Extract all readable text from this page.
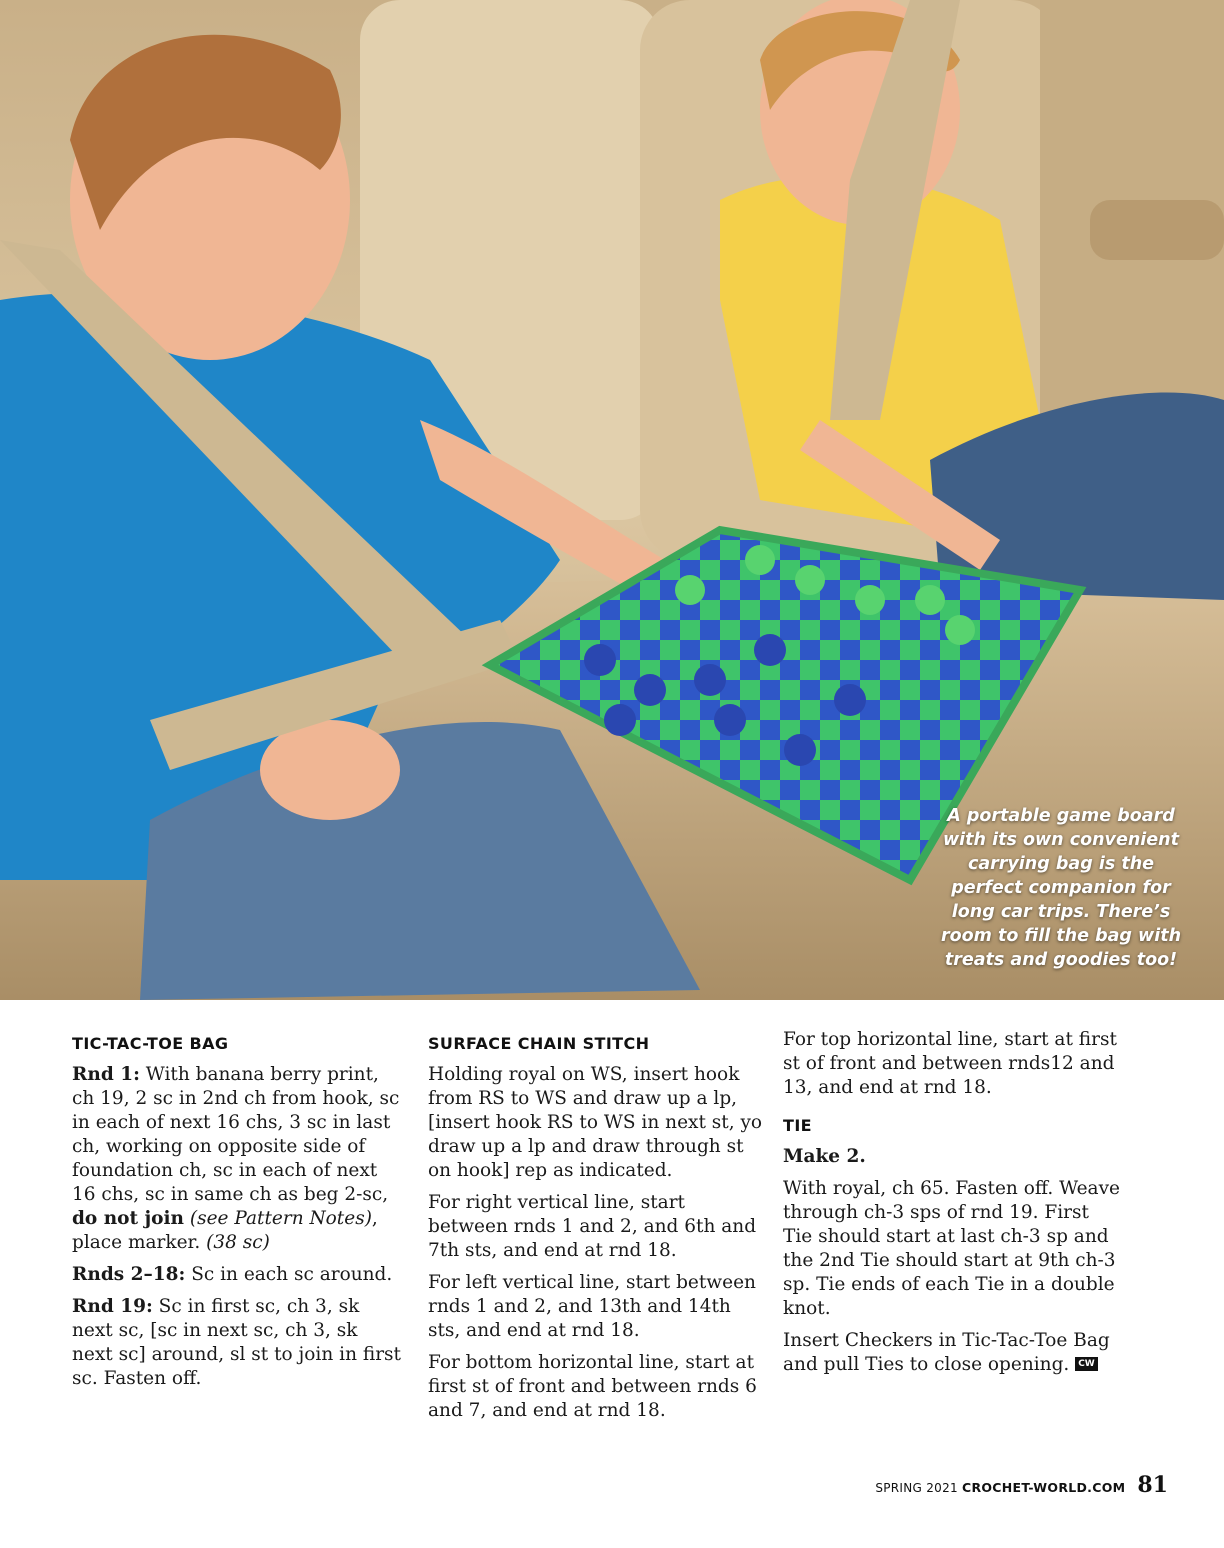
A portable game board with its own convenient carrying bag is the perfect companion for long car trips. There’s room to fill the bag with treats and goodies too!
TIC-TAC-TOE BAG

Rnd 1: With banana berry print, ch 19, 2 sc in 2nd ch from hook, sc in each of next 16 chs, 3 sc in last ch, working on opposite side of foundation ch, sc in each of next 16 chs, sc in same ch as beg 2-sc, do not join (see Pattern Notes), place marker. (38 sc)

Rnds 2–18: Sc in each sc around.

Rnd 19: Sc in first sc, ch 3, sk next sc, [sc in next sc, ch 3, sk next sc] around, sl st to join in first sc. Fasten off.

SURFACE CHAIN STITCH

Holding royal on WS, insert hook from RS to WS and draw up a lp, [insert hook RS to WS in next st, yo draw up a lp and draw through st on hook] rep as indicated.

For right vertical line, start between rnds 1 and 2, and 6th and 7th sts, and end at rnd 18.

For left vertical line, start between rnds 1 and 2, and 13th and 14th sts, and end at rnd 18.

For bottom horizontal line, start at first st of front and between rnds 6 and 7, and end at rnd 18.

For top horizontal line, start at first st of front and between rnds12 and 13, and end at rnd 18.

TIE

Make 2.

With royal, ch 65. Fasten off. Weave through ch-3 sps of rnd 19. First Tie should start at last ch-3 sp and the 2nd Tie should start at 9th ch-3 sp. Tie ends of each Tie in a double knot.

Insert Checkers in Tic-Tac-Toe Bag and pull Ties to close opening. CW

SPRING 2021 CROCHET-WORLD.COM 81
